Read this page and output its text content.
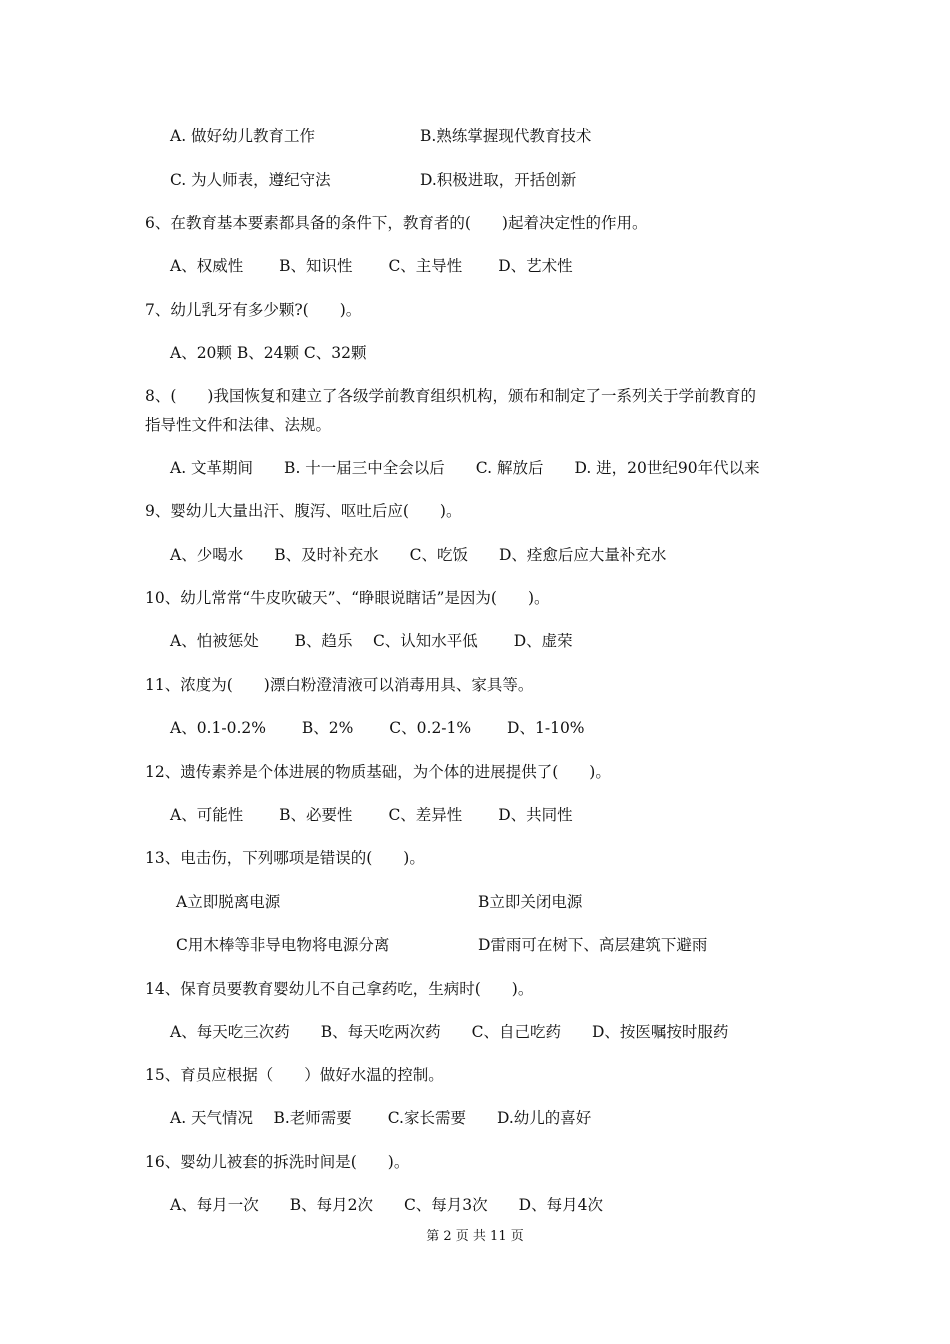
A. 做好幼儿教育工作	B.熟练掌握现代教育技术
C. 为人师表，遵纪守法	D.积极进取，开括创新
6、在教育基本要素都具备的条件下，教育者的(　　)起着决定性的作用。
A、权威性　　 B、知识性　　 C、主导性　　 D、艺术性
7、幼儿乳牙有多少颗?(　　)。
A、20颗 B、24颗 C、32颗
8、(　　)我国恢复和建立了各级学前教育组织机构，颁布和制定了一系列关于学前教育的
指导性文件和法律、法规。
A. 文革期间　　B. 十一届三中全会以后　　C. 解放后　　D. 进，20世纪90年代以来
9、婴幼儿大量出汗、腹泻、呕吐后应(　　)。
A、少喝水　　B、及时补充水　　C、吃饭　　D、痊愈后应大量补充水
10、幼儿常常“牛皮吹破天”、“睁眼说瞎话”是因为(　　)。
A、怕被惩处　　 B、趋乐　 C、认知水平低　　 D、虚荣
11、浓度为(　　)漂白粉澄清液可以消毒用具、家具等。
A、0.1-0.2%　　 B、2%　　 C、0.2-1%　　 D、1-10%
12、遗传素养是个体进展的物质基础，为个体的进展提供了(　　)。
A、可能性　　 B、必要性　　 C、差异性　　 D、共同性
13、电击伤，下列哪项是错误的(　　)。
A立即脱离电源	B立即关闭电源
C用木棒等非导电物将电源分离	D雷雨可在树下、高层建筑下避雨
14、保育员要教育婴幼儿不自己拿药吃，生病时(　　)。
A、每天吃三次药　　B、每天吃两次药　　C、自己吃药　　D、按医嘱按时服药
15、育员应根据（　　）做好水温的控制。
A. 天气情况　 B.老师需要　　 C.家长需要　　D.幼儿的喜好
16、婴幼儿被套的拆洗时间是(　　)。
A、每月一次　　B、每月2次　　C、每月3次　　D、每月4次
第 2 页 共 11 页
